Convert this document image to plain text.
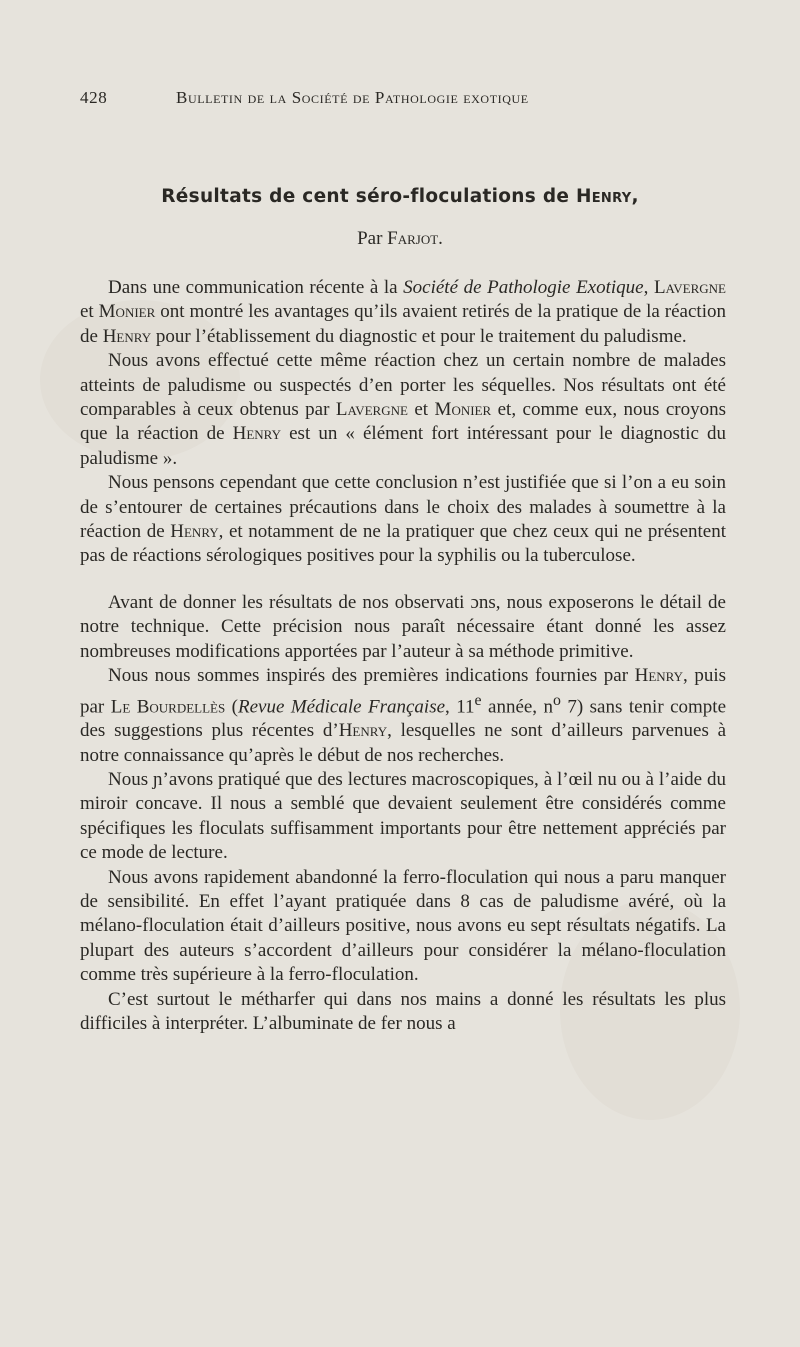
428	Bulletin de la Société de Pathologie exotique
Résultats de cent séro-floculations de Henry,
Par Farjot.

Dans une communication récente à la Société de Pathologie Exotique, Lavergne et Monier ont montré les avantages qu’ils avaient retirés de la pratique de la réaction de Henry pour l’établissement du diagnostic et pour le traitement du paludisme.

Nous avons effectué cette même réaction chez un certain nombre de malades atteints de paludisme ou suspectés d’en porter les séquelles. Nos résultats ont été comparables à ceux obtenus par Lavergne et Monier et, comme eux, nous croyons que la réaction de Henry est un « élément fort intéressant pour le diagnostic du paludisme ».

Nous pensons cependant que cette conclusion n’est justifiée que si l’on a eu soin de s’entourer de certaines précautions dans le choix des malades à soumettre à la réaction de Henry, et notamment de ne la pratiquer que chez ceux qui ne présentent pas de réactions sérologiques positives pour la syphilis ou la tuberculose.

Avant de donner les résultats de nos observati ɔns, nous exposerons le détail de notre technique. Cette précision nous paraît nécessaire étant donné les assez nombreuses modifications apportées par l’auteur à sa méthode primitive.

Nous nous sommes inspirés des premières indications fournies par Henry, puis par Le Bourdellès (Revue Médicale Française, 11e année, $n^o$ 7) sans tenir compte des suggestions plus récentes d’Henry, lesquelles ne sont d’ailleurs parvenues à notre connaissance qu’après le début de nos recherches.

Nous ɲ’avons pratiqué que des lectures macroscopiques, à l’œil nu ou à l’aide du miroir concave. Il nous a semblé que devaient seulement être considérés comme spécifiques les floculats suffisamment importants pour être nettement appréciés par ce mode de lecture.

Nous avons rapidement abandonné la ferro-floculation qui nous a paru manquer de sensibilité. En effet l’ayant pratiquée dans 8 cas de paludisme avéré, où la mélano-floculation était d’ailleurs positive, nous avons eu sept résultats négatifs. La plupart des auteurs s’accordent d’ailleurs pour considérer la mélano-floculation comme très supérieure à la ferro-floculation.

C’est surtout le métharfer qui dans nos mains a donné les résultats les plus difficiles à interpréter. L’albuminate de fer nous a
